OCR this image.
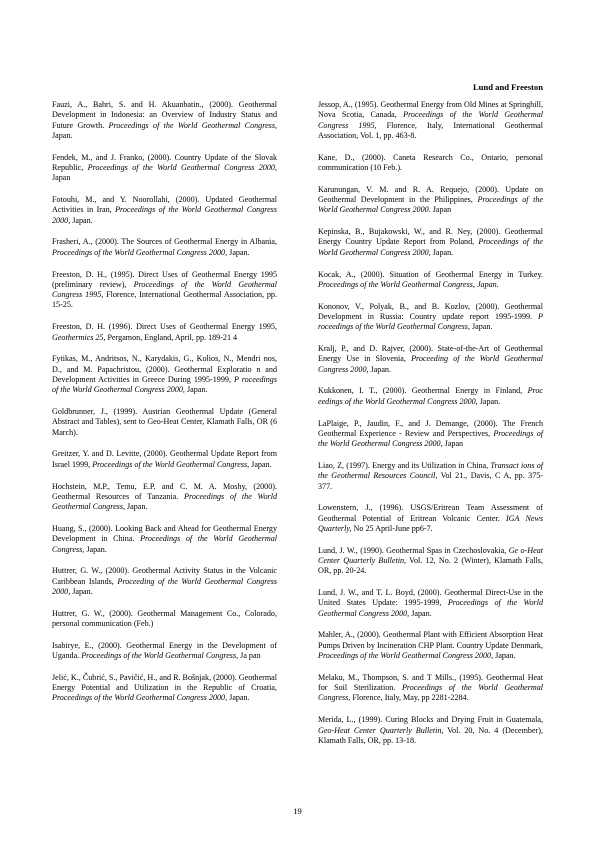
Lund and Freeston

Fauzi, A., Bahri, S. and H. Akuanbatin., (2000). Geothermal Development in Indonesia: an Overview of Industry Status and Future Growth. Proceedings of the World Geothermal Congress, Japan.

Fendek, M., and J. Franko, (2000). Country Update of the Slovak Republic, Proceedings of the World Geothermal Congress 2000, Japan

Fotouhi, M., and Y. Noorollahi, (2000). Updated Geothermal Activities in Iran, Proceedings of the World Geothermal Congress 2000, Japan.

Frasheri, A., (2000). The Sources of Geothermal Energy in Albania, Proceedings of the World Geothermal Congress 2000, Japan.

Freeston, D. H., (1995). Direct Uses of Geothermal Energy 1995 (preliminary review), Proceedings of the World Geothermal Congress 1995, Florence, International Geothermal Association, pp. 15-25.

Freeston, D. H. (1996). Direct Uses of Geothermal Energy 1995, Geothermics 25, Pergamon, England, April, pp. 189-21 4

Fytikas, M., Andritsos, N., Karydakis, G., Kolios, N., Mendri nos, D., and M. Papachristou, (2000). Geothermal Exploratio n and Development Activities in Greece During 1995-1999, P roceedings of the World Geothermal Congress 2000, Japan.

Goldbrunner, J., (1999). Austrian Geothermal Update (General Abstract and Tables), sent to Geo-Heat Center, Klamath Falls, OR (6 March).

Greitzer, Y. and D. Levitte, (2000). Geothermal Update Report from Israel 1999, Proceedings of the World Geothermal Congress, Japan.

Hochstein, M.P., Temu, E.P. and C. M. A. Moshy, (2000). Geothermal Resources of Tanzania. Proceedings of the World Geothermal Congress, Japan.

Huang, S., (2000). Looking Back and Ahead for Geothermal Energy Development in China. Proceedings of the World Geothermal Congress, Japan.

Huttrer, G. W., (2000). Geothermal Activity Status in the Volcanic Caribbean Islands, Proceeding of the World Geothermal Congress 2000, Japan.

Huttrer, G. W., (2000). Geothermal Management Co., Colorado, personal communication (Feb.)

Isabirye, E., (2000). Geothermal Energy in the Development of Uganda. Proceedings of the World Geothermal Congress, Ja pan

Jelić, K., Čubrić, S., Pavičić, H., and R. Bošnjak, (2000). Geothermal Energy Potential and Utilization in the Republic of Croatia, Proceedings of the World Geothermal Congress 2000, Japan.

Jessop, A., (1995). Geothermal Energy from Old Mines at Springhill, Nova Scotia, Canada, Proceedings of the World Geothermal Congress 1995, Florence, Italy, International Geothermal Association, Vol. 1, pp. 463-8.

Kane, D., (2000). Caneta Research Co., Ontario, personal communication (10 Feb.).

Karunungan, V. M. and R. A. Requejo, (2000). Update on Geothermal Development in the Philippines, Proceedings of the World Geothermal Congress 2000. Japan

Kepinska, B., Bujakowski, W., and R. Ney, (2000). Geothermal Energy Country Update Report from Poland, Proceedings of the World Geothermal Congress 2000, Japan.

Kocak, A., (2000). Situation of Geothermal Energy in Turkey. Proceedings of the World Geothermal Congress, Japan.

Kononov, V., Polyak, B., and B. Kozlov, (2000). Geothermal Development in Russia: Country update report 1995-1999. P roceedings of the World Geothermal Congress, Japan.

Kralj, P., and D. Rajver, (2000). State-of-the-Art of Geothermal Energy Use in Slovenia, Proceeding of the World Geothermal Congress 2000, Japan.

Kukkonen, I. T., (2000). Geothermal Energy in Finland, Proc eedings of the World Geothermal Congress 2000, Japan.

LaPlaige, P., Jaudin, F., and J. Demange, (2000). The French Geothermal Experience - Review and Perspectives, Proceedings of the World Geothermal Congress 2000, Japan

Liao, Z, (1997). Energy and its Utilization in China, Transact ions of the Geothermal Resources Council, Vol 21., Davis, C A, pp. 375-377.

Lowenstern, J., (1996). USGS/Eritrean Team Assessment of Geothermal Potential of Eritrean Volcanic Center. IGA News Quarterly, No 25 April-June pp6-7.

Lund, J. W., (1990). Geothermal Spas in Czechoslovakia, Ge o-Heat Center Quarterly Bulletin, Vol. 12, No. 2 (Winter), Klamath Falls, OR, pp. 20-24.

Lund, J. W., and T. L. Boyd, (2000). Geothermal Direct-Use in the United States Update: 1995-1999, Proceedings of the World Geothermal Congress 2000, Japan.

Mahler, A., (2000). Geothermal Plant with Efficient Absorption Heat Pumps Driven by Incineration CHP Plant. Country Update Denmark, Proceedings of the World Geothermal Congress 2000, Japan.

Melaku, M., Thompson, S. and T Mills., (1995). Geothermal Heat for Soil Sterilization. Proceedings of the World Geothermal Congress, Florence, Italy, May, pp 2281-2284.

Merida, L., (1999). Curing Blocks and Drying Fruit in Guatemala, Geo-Heat Center Quarterly Bulletin, Vol. 20, No. 4 (December), Klamath Falls, OR, pp. 13-18.

19
